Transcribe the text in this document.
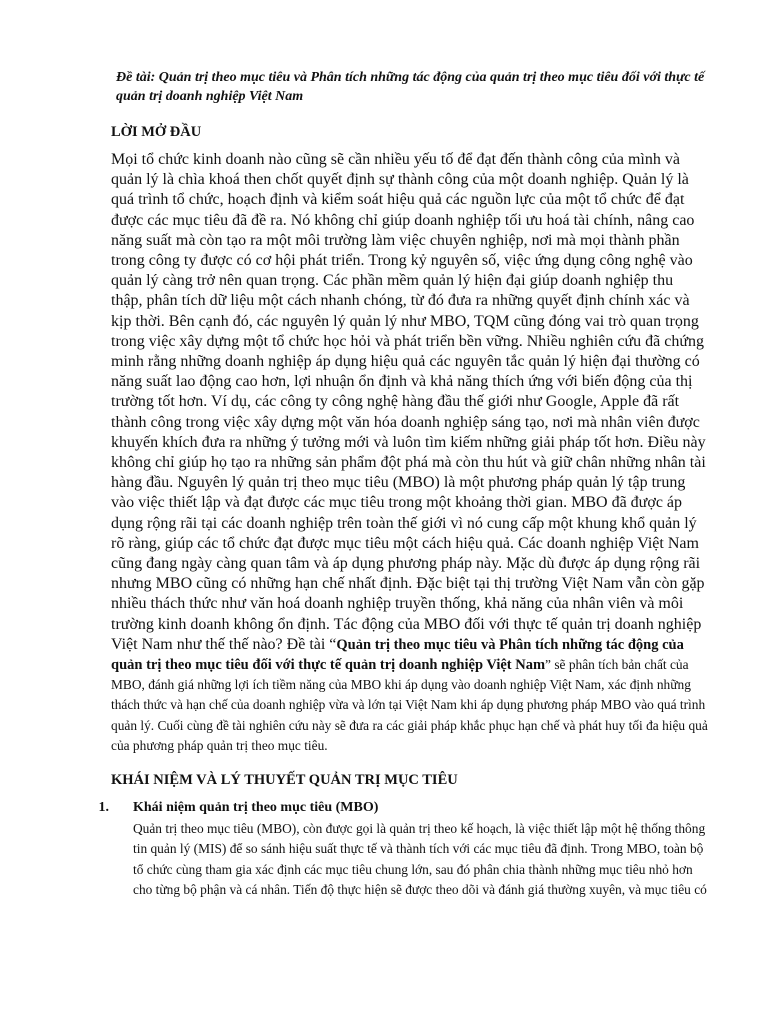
Đề tài: Quản trị theo mục tiêu và Phân tích những tác động của quản trị theo mục tiêu đối với thực tế quản trị doanh nghiệp Việt Nam

LỜI MỞ ĐẦU

Mọi tổ chức kinh doanh nào cũng sẽ cần nhiều yếu tố để đạt đến thành công của mình và quản lý là chìa khoá then chốt quyết định sự thành công của một doanh nghiệp. Quản lý là quá trình tổ chức, hoạch định và kiểm soát hiệu quả các nguồn lực của một tổ chức để đạt được các mục tiêu đã đề ra. Nó không chỉ giúp doanh nghiệp tối ưu hoá tài chính, nâng cao năng suất mà còn tạo ra một môi trường làm việc chuyên nghiệp, nơi mà mọi thành phần trong công ty được có cơ hội phát triển. Trong kỷ nguyên số, việc ứng dụng công nghệ vào quản lý càng trở nên quan trọng. Các phần mềm quản lý hiện đại giúp doanh nghiệp thu thập, phân tích dữ liệu một cách nhanh chóng, từ đó đưa ra những quyết định chính xác và kịp thời. Bên cạnh đó, các nguyên lý quản lý như MBO, TQM cũng đóng vai trò quan trọng trong việc xây dựng một tổ chức học hỏi và phát triển bền vững. Nhiều nghiên cứu đã chứng minh rằng những doanh nghiệp áp dụng hiệu quả các nguyên tắc quản lý hiện đại thường có năng suất lao động cao hơn, lợi nhuận ổn định và khả năng thích ứng với biến động của thị trường tốt hơn. Ví dụ, các công ty công nghệ hàng đầu thế giới như Google, Apple đã rất thành công trong việc xây dựng một văn hóa doanh nghiệp sáng tạo, nơi mà nhân viên được khuyến khích đưa ra những ý tưởng mới và luôn tìm kiếm những giải pháp tốt hơn. Điều này không chỉ giúp họ tạo ra những sản phẩm đột phá mà còn thu hút và giữ chân những nhân tài hàng đầu. Nguyên lý quản trị theo mục tiêu (MBO) là một phương pháp quản lý tập trung vào việc thiết lập và đạt được các mục tiêu trong một khoảng thời gian. MBO đã được áp dụng rộng rãi tại các doanh nghiệp trên toàn thế giới vì nó cung cấp một khung khổ quản lý rõ ràng, giúp các tổ chức đạt được mục tiêu một cách hiệu quả. Các doanh nghiệp Việt Nam cũng đang ngày càng quan tâm và áp dụng phương pháp này. Mặc dù được áp dụng rộng rãi nhưng MBO cũng có những hạn chế nhất định. Đặc biệt tại thị trường Việt Nam vẫn còn gặp nhiều thách thức như văn hoá doanh nghiệp truyền thống, khả năng của nhân viên và môi trường kinh doanh không ổn định. Tác động của MBO đối với thực tế quản trị doanh nghiệp Việt Nam như thế thế nào? Đề tài “Quản trị theo mục tiêu và Phân tích những tác động của quản trị theo mục tiêu đối với thực tế quản trị doanh nghiệp Việt Nam” sẽ phân tích bản chất của MBO, đánh giá những lợi ích tiềm năng của MBO khi áp dụng vào doanh nghiệp Việt Nam, xác định những thách thức và hạn chế của doanh nghiệp vừa và lớn tại Việt Nam khi áp dụng phương pháp MBO vào quá trình quản lý. Cuối cùng đề tài nghiên cứu này sẽ đưa ra các giải pháp khắc phục hạn chế và phát huy tối đa hiệu quả của phương pháp quản trị theo mục tiêu.

KHÁI NIỆM VÀ LÝ THUYẾT QUẢN TRỊ MỤC TIÊU

1. Khái niệm quản trị theo mục tiêu (MBO)

Quản trị theo mục tiêu (MBO), còn được gọi là quản trị theo kế hoạch, là việc thiết lập một hệ thống thông tin quản lý (MIS) để so sánh hiệu suất thực tế và thành tích với các mục tiêu đã định. Trong MBO, toàn bộ tổ chức cùng tham gia xác định các mục tiêu chung lớn, sau đó phân chia thành những mục tiêu nhỏ hơn cho từng bộ phận và cá nhân. Tiến độ thực hiện sẽ được theo dõi và đánh giá thường xuyên, và mục tiêu có
